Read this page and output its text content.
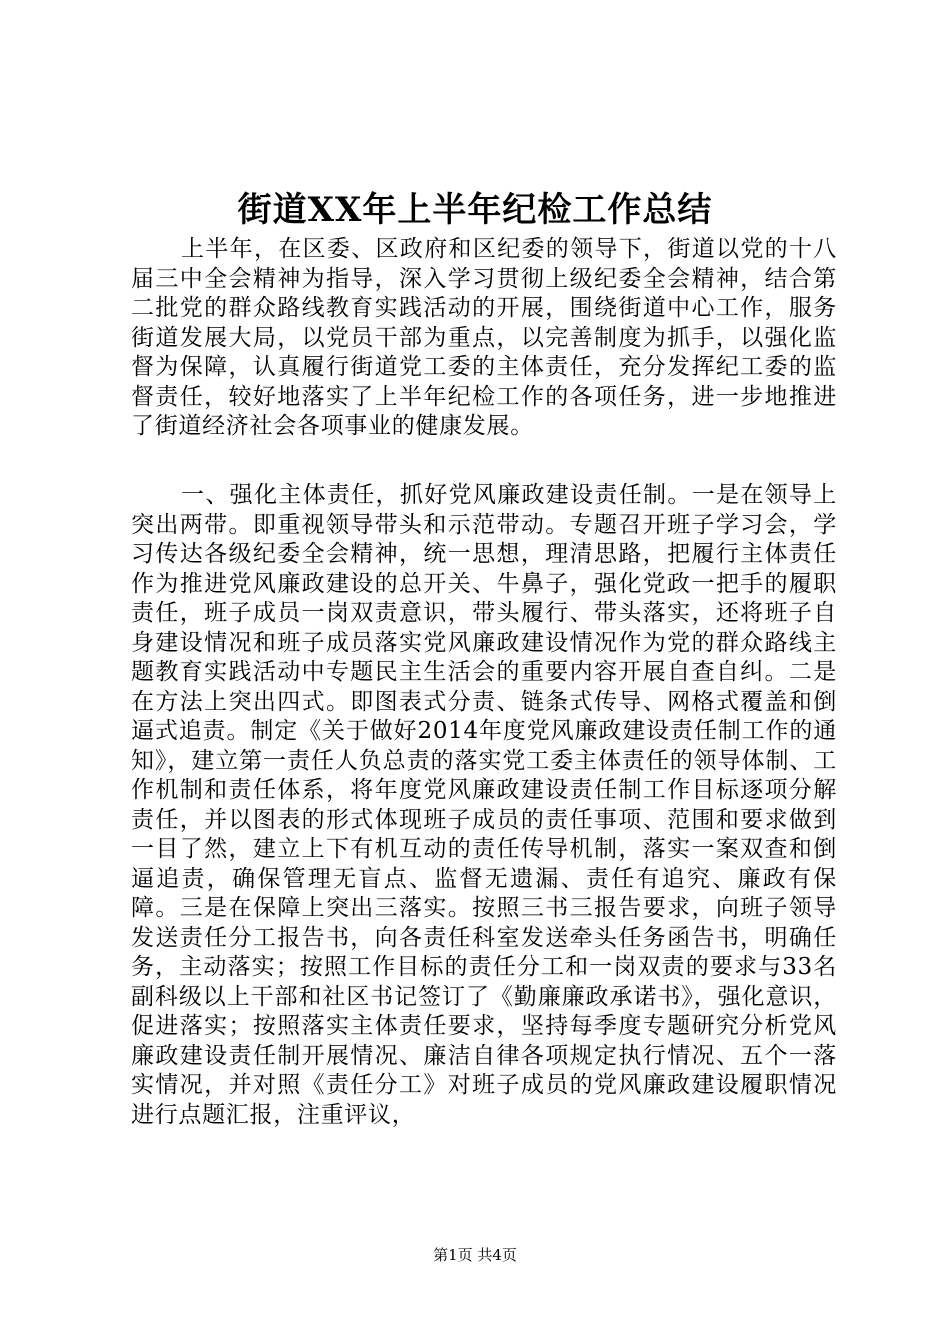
街道XX年上半年纪检工作总结
上半年，在区委、区政府和区纪委的领导下，街道以党的十八届三中全会精神为指导，深入学习贯彻上级纪委全会精神，结合第二批党的群众路线教育实践活动的开展，围绕街道中心工作，服务街道发展大局，以党员干部为重点，以完善制度为抓手，以强化监督为保障，认真履行街道党工委的主体责任，充分发挥纪工委的监督责任，较好地落实了上半年纪检工作的各项任务，进一步地推进了街道经济社会各项事业的健康发展。
一、强化主体责任，抓好党风廉政建设责任制。一是在领导上突出两带。即重视领导带头和示范带动。专题召开班子学习会，学习传达各级纪委全会精神，统一思想，理清思路，把履行主体责任作为推进党风廉政建设的总开关、牛鼻子，强化党政一把手的履职责任，班子成员一岗双责意识，带头履行、带头落实，还将班子自身建设情况和班子成员落实党风廉政建设情况作为党的群众路线主题教育实践活动中专题民主生活会的重要内容开展自查自纠。二是在方法上突出四式。即图表式分责、链条式传导、网格式覆盖和倒逼式追责。制定《关于做好2014年度党风廉政建设责任制工作的通知》，建立第一责任人负总责的落实党工委主体责任的领导体制、工作机制和责任体系，将年度党风廉政建设责任制工作目标逐项分解责任，并以图表的形式体现班子成员的责任事项、范围和要求做到一目了然，建立上下有机互动的责任传导机制，落实一案双查和倒逼追责，确保管理无盲点、监督无遗漏、责任有追究、廉政有保障。三是在保障上突出三落实。按照三书三报告要求，向班子领导发送责任分工报告书，向各责任科室发送牵头任务函告书，明确任务，主动落实；按照工作目标的责任分工和一岗双责的要求与33名副科级以上干部和社区书记签订了《勤廉廉政承诺书》，强化意识，促进落实；按照落实主体责任要求，坚持每季度专题研究分析党风廉政建设责任制开展情况、廉洁自律各项规定执行情况、五个一落实情况，并对照《责任分工》对班子成员的党风廉政建设履职情况进行点题汇报，注重评议，
第1页 共4页
